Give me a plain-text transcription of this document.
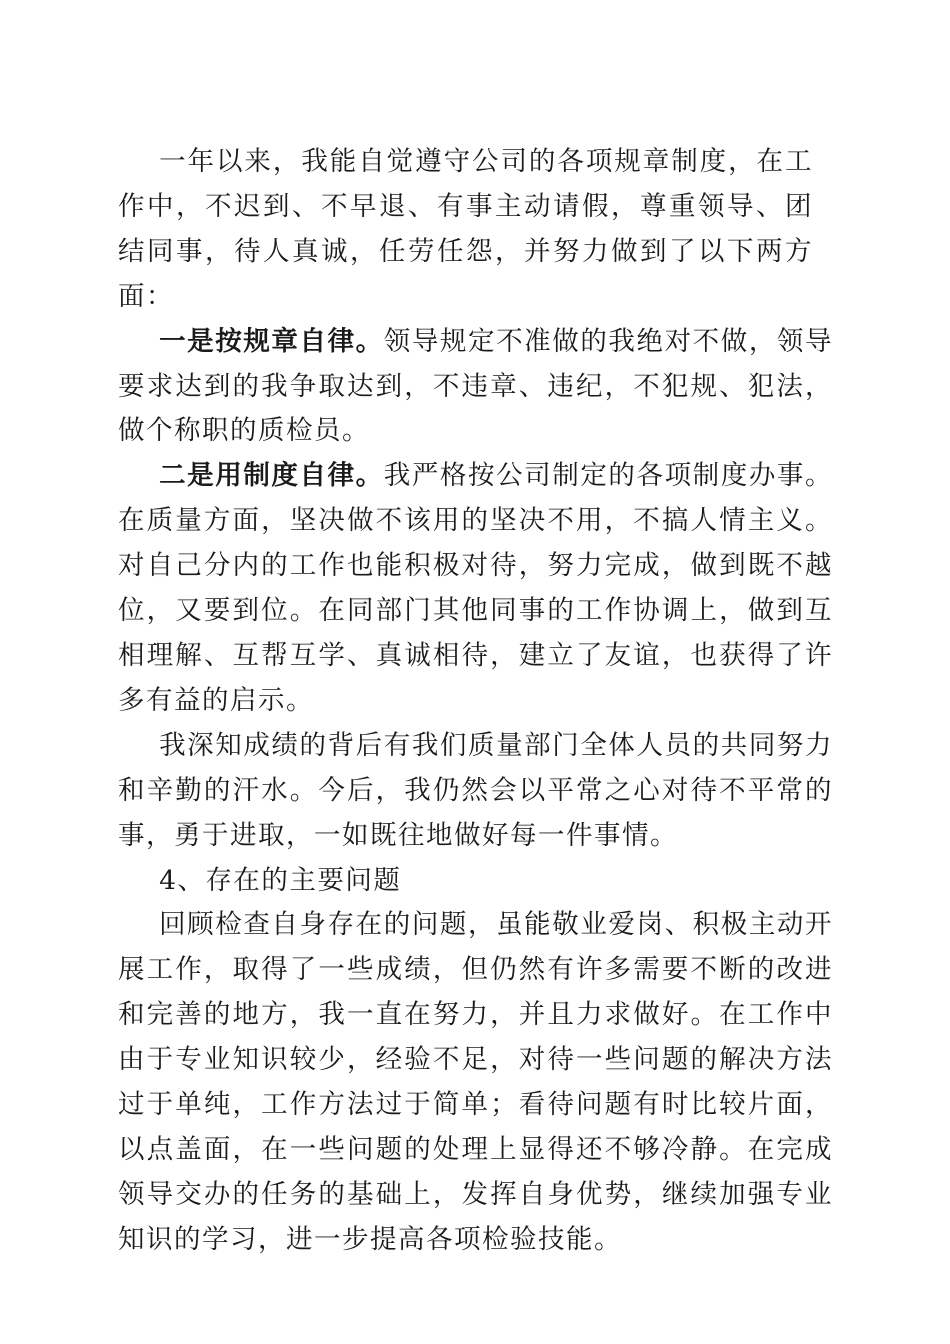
一年以来，我能自觉遵守公司的各项规章制度，在工作中，不迟到、不早退、有事主动请假，尊重领导、团结同事，待人真诚，任劳任怨，并努力做到了以下两方面：

一是按规章自律。领导规定不准做的我绝对不做，领导要求达到的我争取达到，不违章、违纪，不犯规、犯法，做个称职的质检员。

二是用制度自律。我严格按公司制定的各项制度办事。在质量方面，坚决做不该用的坚决不用，不搞人情主义。对自己分内的工作也能积极对待，努力完成，做到既不越位，又要到位。在同部门其他同事的工作协调上，做到互相理解、互帮互学、真诚相待，建立了友谊，也获得了许多有益的启示。

我深知成绩的背后有我们质量部门全体人员的共同努力和辛勤的汗水。今后，我仍然会以平常之心对待不平常的事，勇于进取，一如既往地做好每一件事情。

4、存在的主要问题

回顾检查自身存在的问题，虽能敬业爱岗、积极主动开展工作，取得了一些成绩，但仍然有许多需要不断的改进和完善的地方，我一直在努力，并且力求做好。在工作中由于专业知识较少，经验不足，对待一些问题的解决方法过于单纯，工作方法过于简单；看待问题有时比较片面，以点盖面，在一些问题的处理上显得还不够冷静。在完成领导交办的任务的基础上，发挥自身优势，继续加强专业知识的学习，进一步提高各项检验技能。
